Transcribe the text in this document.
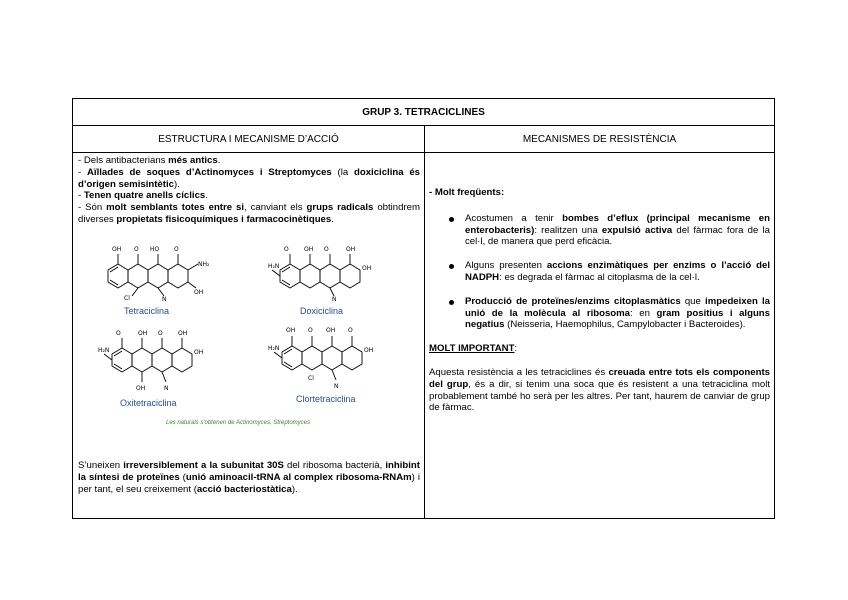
GRUP 3. TETRACICLINES
ESTRUCTURA I MECANISME D’ACCIÓ	MECANISMES DE RESISTÈNCIA

- Dels antibacterians més antics.

- Aïllades de soques d’Actinomyces i Streptomyces (la doxiciclina és d’origen semisintètic).

- Tenen quatre anells cíclics.

- Són molt semblants totes entre si, canviant els grups radicals obtindrem diverses propietats fisicoquímiques i farmacocinètiques.

OH O HO O
NH₂
OH
N
Cl
Tetraciclina
O	OH O	OH
H₂N	OH
N
Doxiciclina
O	OH O	OH
H₂N	OH
OH	N
Oxitetraciclina
OH O OH O
H₂N	OH
N
Cl
Clortetraciclina
Les naturals s'obtenen de Actinomyces, Streptomyces

S’uneixen irreversiblement a la subunitat 30S del ribosoma bacterià, inhibint la síntesi de proteïnes (unió aminoacil-tRNA al complex ribosoma-RNAm) i per tant, el seu creixement (acció bacteriostàtica).

- Molt freqüents:

Acostumen a tenir bombes d’eflux (principal mecanisme en enterobacteris): realitzen una expulsió activa del fàrmac fora de la cel·l, de manera que perd eficàcia.
Alguns presenten accions enzimàtiques per enzims o l’acció del NADPH: es degrada el fàrmac al citoplasma de la cel·l.
Producció de proteïnes/enzims citoplasmàtics que impedeixen la unió de la molècula al ribosoma: en gram positius i alguns negatius (Neisseria, Haemophilus, Campylobacter i Bacteroides).

MOLT IMPORTANT:

Aquesta resistència a les tetraciclines és creuada entre tots els components del grup, és a dir, si tenim una soca que és resistent a una tetraciclina molt probablement també ho serà per les altres. Per tant, haurem de canviar de grup de fàrmac.
